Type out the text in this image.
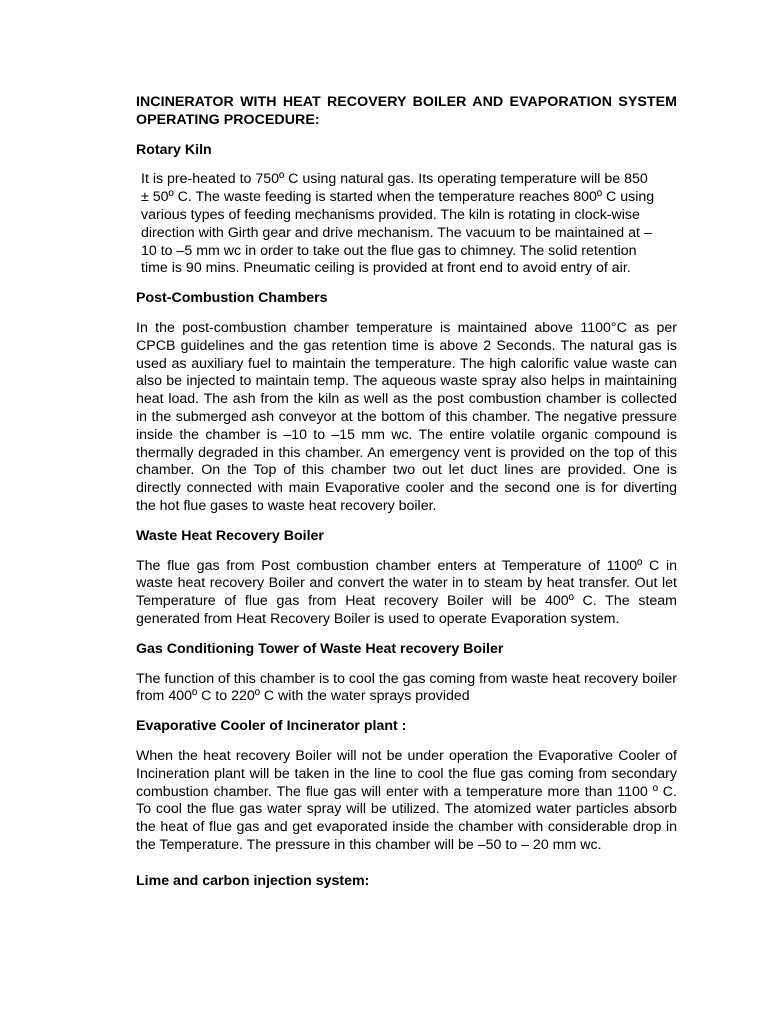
INCINERATOR WITH HEAT RECOVERY BOILER AND EVAPORATION SYSTEM OPERATING PROCEDURE:
Rotary Kiln
It is pre-heated to 750º C using natural gas. Its operating temperature will be 850 ± 50º C. The waste feeding is started when the temperature reaches 800º C using various types of feeding mechanisms provided. The kiln is rotating in clock-wise direction with Girth gear and drive mechanism. The vacuum to be maintained at – 10 to –5 mm wc in order to take out the flue gas to chimney. The solid retention time is 90 mins. Pneumatic ceiling is provided at front end to avoid entry of air.
Post-Combustion Chambers
In the post-combustion chamber temperature is maintained above 1100°C as per CPCB guidelines and the gas retention time is above 2 Seconds. The natural gas is used as auxiliary fuel to maintain the temperature. The high calorific value waste can also be injected to maintain temp. The aqueous waste spray also helps in maintaining heat load. The ash from the kiln as well as the post combustion chamber is collected in the submerged ash conveyor at the bottom of this chamber. The negative pressure inside the chamber is –10 to –15 mm wc. The entire volatile organic compound is thermally degraded in this chamber. An emergency vent is provided on the top of this chamber. On the Top of this chamber two out let duct lines are provided. One is directly connected with main Evaporative cooler and the second one is for diverting the hot flue gases to waste heat recovery boiler.
Waste Heat Recovery Boiler
The flue gas from Post combustion chamber enters at Temperature of 1100º C in waste heat recovery Boiler and convert the water in to steam by heat transfer. Out let Temperature of flue gas from Heat recovery Boiler will be 400º C. The steam generated from Heat Recovery Boiler is used to operate Evaporation system.
Gas Conditioning Tower of Waste Heat recovery Boiler
The function of this chamber is to cool the gas coming from waste heat recovery boiler from 400º C to 220º C with the water sprays provided
Evaporative Cooler of Incinerator plant :
When the heat recovery Boiler will not be under operation the Evaporative Cooler of Incineration plant will be taken in the line to cool the flue gas coming from secondary combustion chamber. The flue gas will enter with a temperature more than 1100 º C. To cool the flue gas water spray will be utilized. The atomized water particles absorb the heat of flue gas and get evaporated inside the chamber with considerable drop in the Temperature. The pressure in this chamber will be –50 to – 20 mm wc.
Lime and carbon injection system:
